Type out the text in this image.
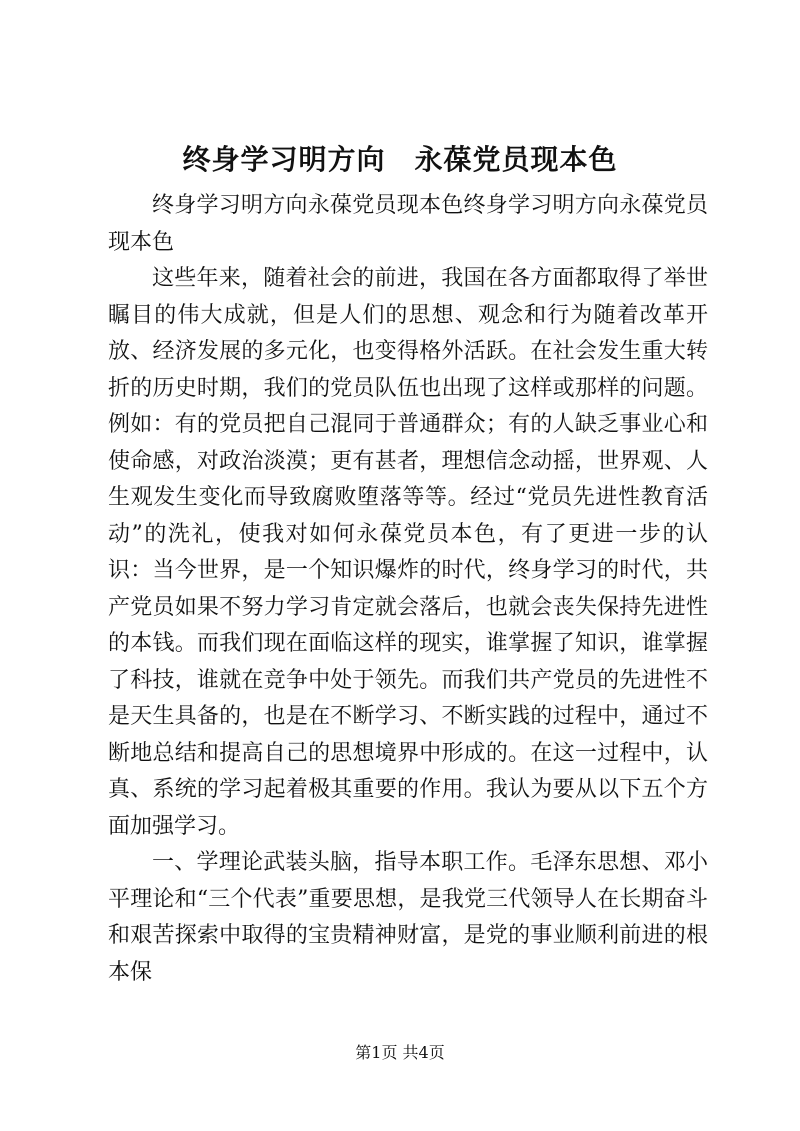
终身学习明方向　永葆党员现本色

终身学习明方向永葆党员现本色终身学习明方向永葆党员现本色

这些年来，随着社会的前进，我国在各方面都取得了举世瞩目的伟大成就，但是人们的思想、观念和行为随着改革开放、经济发展的多元化，也变得格外活跃。在社会发生重大转折的历史时期，我们的党员队伍也出现了这样或那样的问题。例如：有的党员把自己混同于普通群众；有的人缺乏事业心和使命感，对政治淡漠；更有甚者，理想信念动摇，世界观、人生观发生变化而导致腐败堕落等等。经过“党员先进性教育活动”的洗礼，使我对如何永葆党员本色，有了更进一步的认识：当今世界，是一个知识爆炸的时代，终身学习的时代，共产党员如果不努力学习肯定就会落后，也就会丧失保持先进性的本钱。而我们现在面临这样的现实，谁掌握了知识，谁掌握了科技，谁就在竞争中处于领先。而我们共产党员的先进性不是天生具备的，也是在不断学习、不断实践的过程中，通过不断地总结和提高自己的思想境界中形成的。在这一过程中，认真、系统的学习起着极其重要的作用。我认为要从以下五个方面加强学习。

一、学理论武装头脑，指导本职工作。毛泽东思想、邓小平理论和“三个代表”重要思想，是我党三代领导人在长期奋斗和艰苦探索中取得的宝贵精神财富，是党的事业顺利前进的根本保

第1页 共4页
